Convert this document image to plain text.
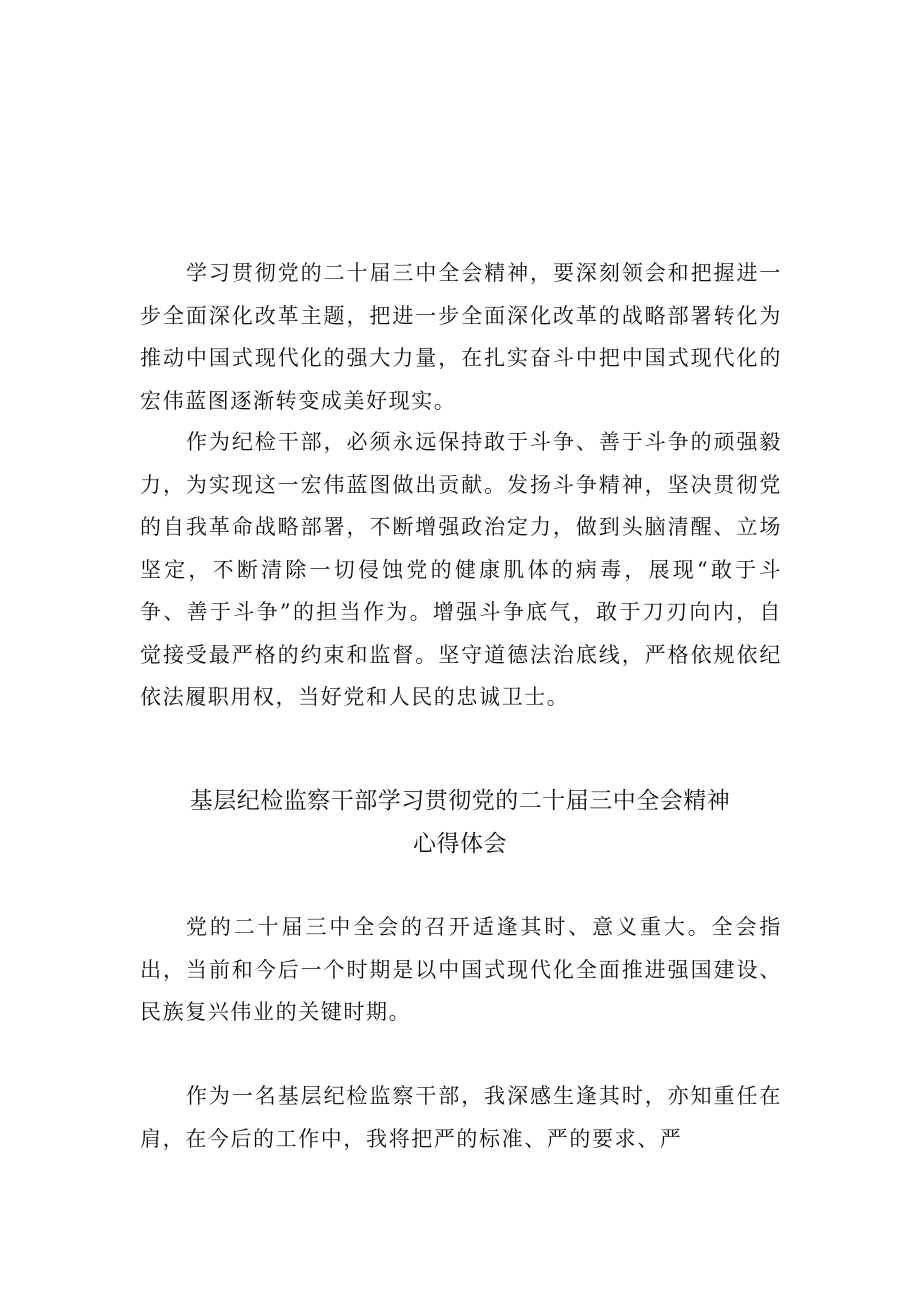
学习贯彻党的二十届三中全会精神，要深刻领会和把握进一步全面深化改革主题，把进一步全面深化改革的战略部署转化为推动中国式现代化的强大力量，在扎实奋斗中把中国式现代化的宏伟蓝图逐渐转变成美好现实。

作为纪检干部，必须永远保持敢于斗争、善于斗争的顽强毅力，为实现这一宏伟蓝图做出贡献。发扬斗争精神，坚决贯彻党的自我革命战略部署，不断增强政治定力，做到头脑清醒、立场坚定，不断清除一切侵蚀党的健康肌体的病毒，展现“敢于斗争、善于斗争”的担当作为。增强斗争底气，敢于刀刃向内，自觉接受最严格的约束和监督。坚守道德法治底线，严格依规依纪依法履职用权，当好党和人民的忠诚卫士。

基层纪检监察干部学习贯彻党的二十届三中全会精神
心得体会

党的二十届三中全会的召开适逢其时、意义重大。全会指出，当前和今后一个时期是以中国式现代化全面推进强国建设、民族复兴伟业的关键时期。

作为一名基层纪检监察干部，我深感生逢其时，亦知重任在肩，在今后的工作中，我将把严的标准、严的要求、严
